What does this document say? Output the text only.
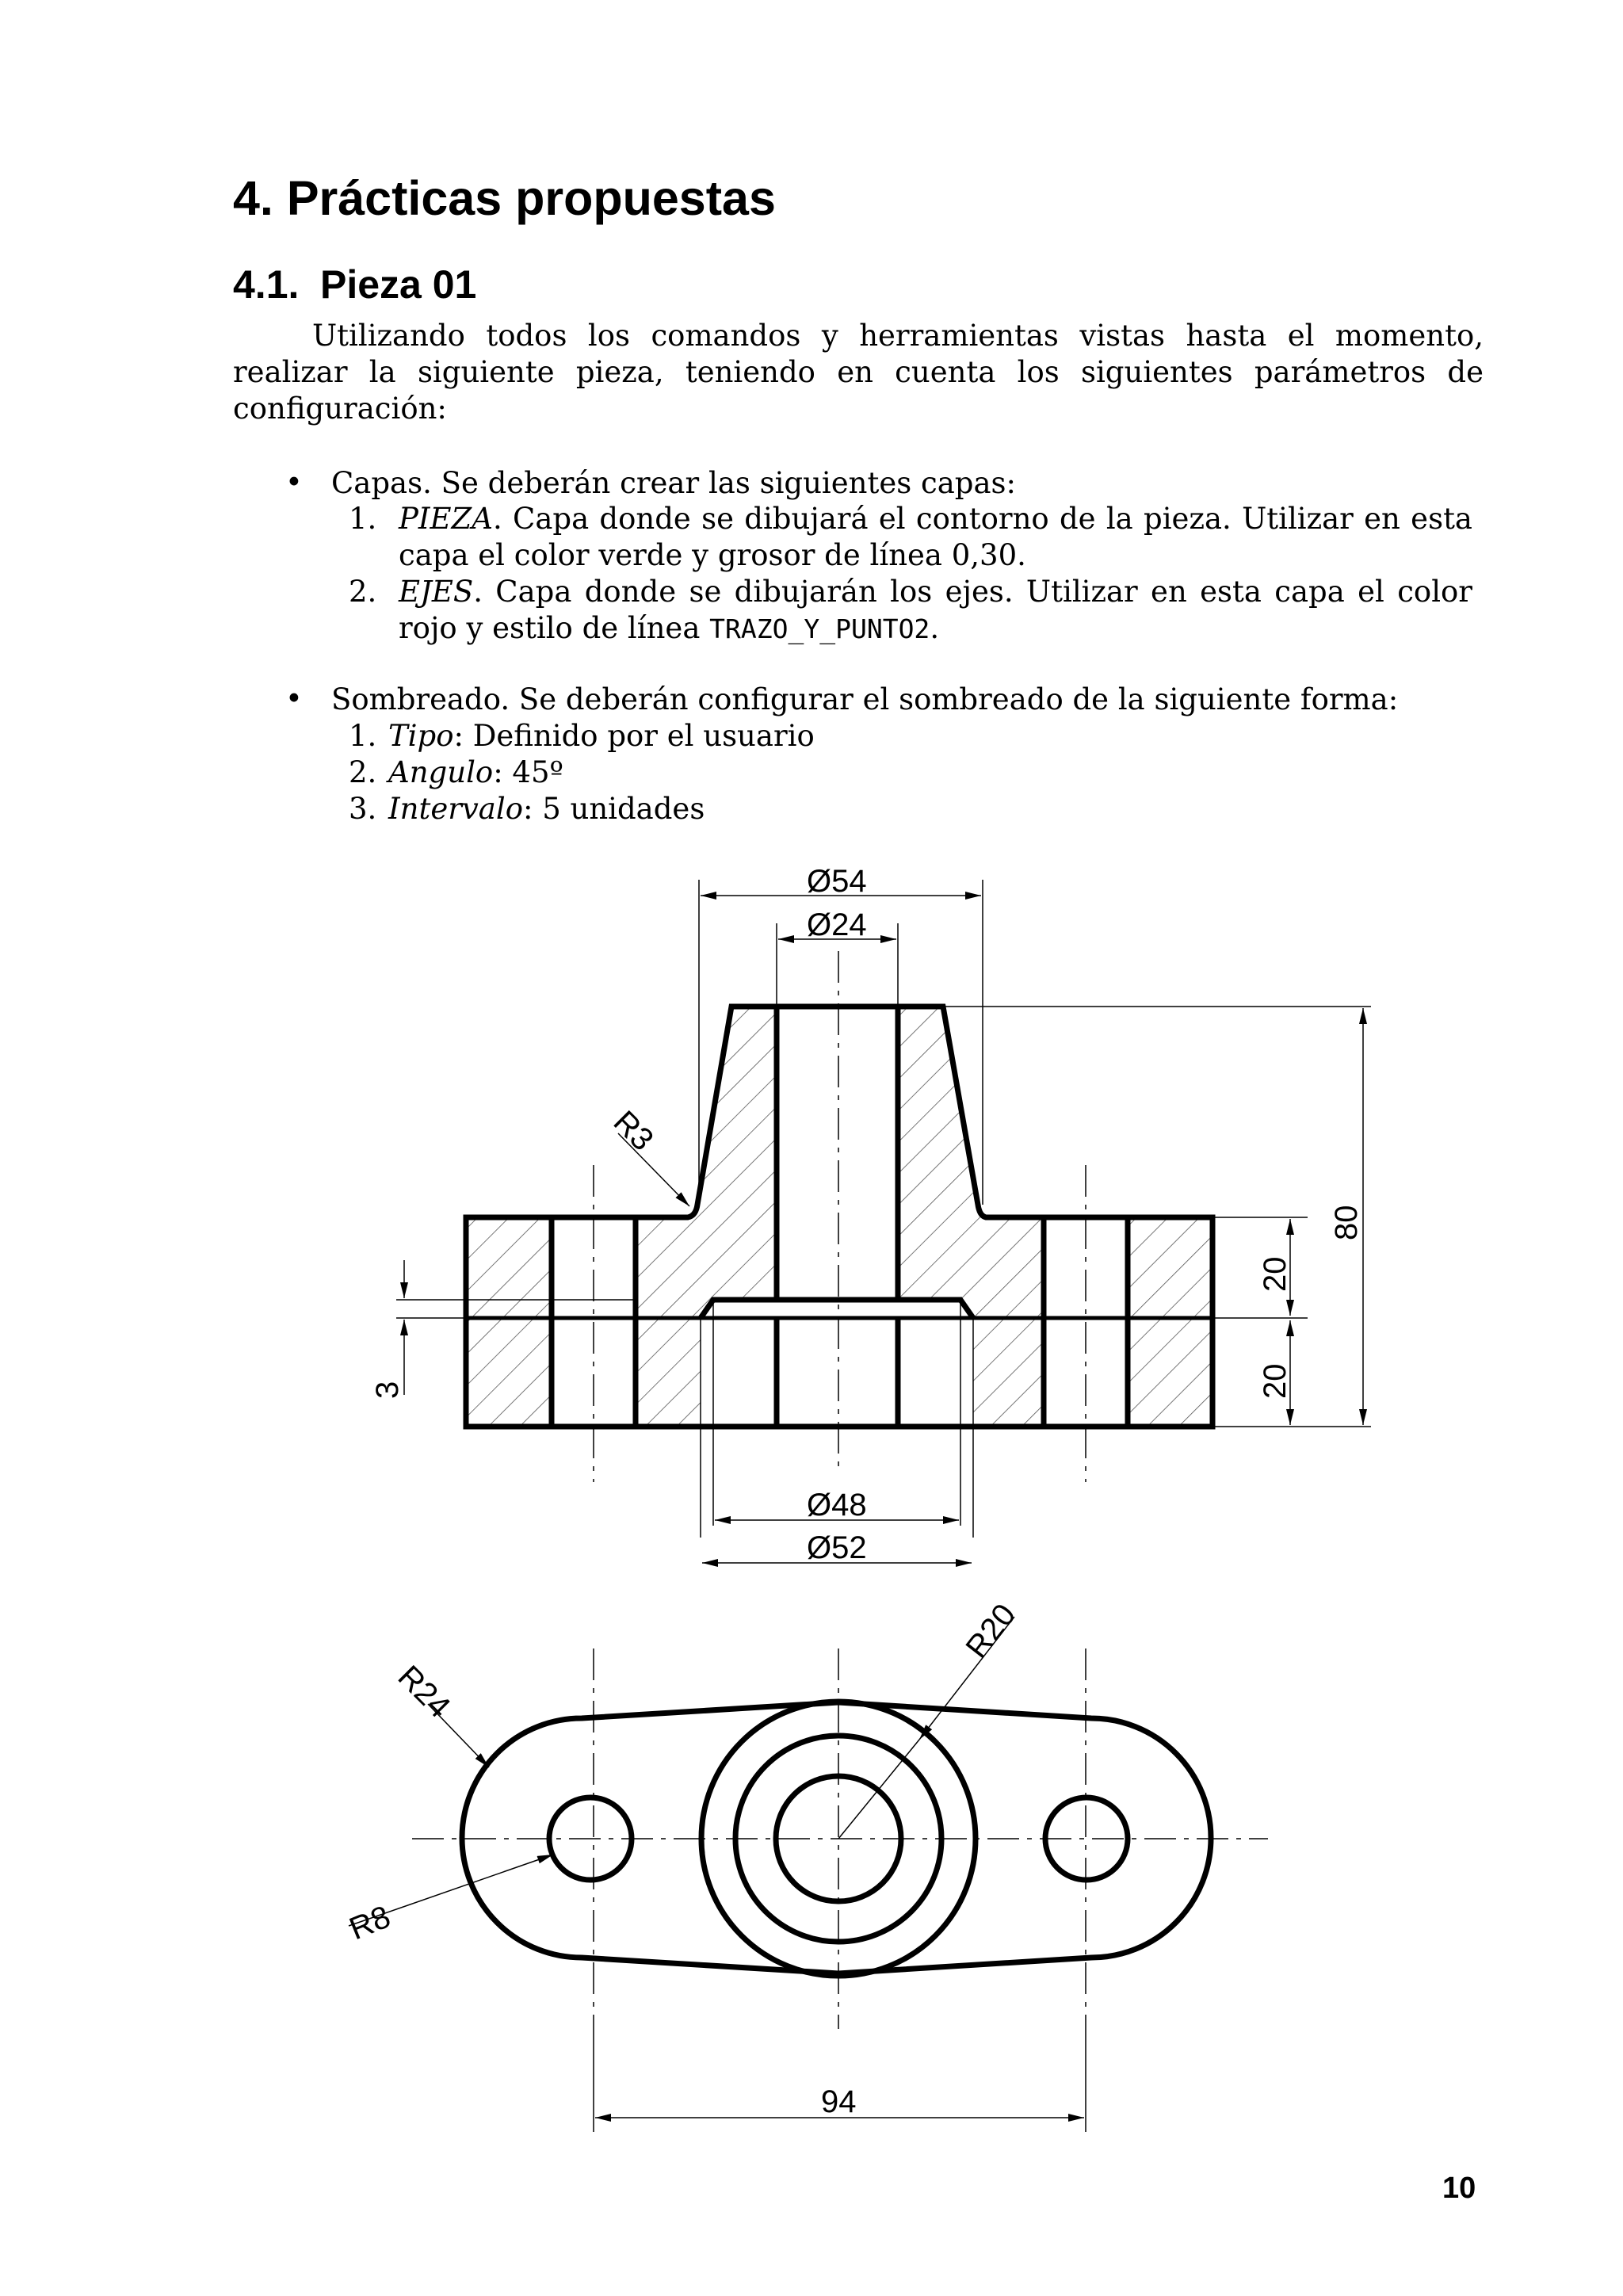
4. Prácticas propuestas
4.1. Pieza 01
Utilizando todos los comandos y herramientas vistas hasta el momento,
realizar la siguiente pieza, teniendo en cuenta los siguientes parámetros de
configuración:
• Capas. Se deberán crear las siguientes capas:
1. PIEZA. Capa donde se dibujará el contorno de la pieza. Utilizar en esta
capa el color verde y grosor de línea 0,30.
2. EJES. Capa donde se dibujarán los ejes. Utilizar en esta capa el color
rojo y estilo de línea TRAZO_Y_PUNTO2.
• Sombreado. Se deberán configurar el sombreado de la siguiente forma:
1. Tipo: Definido por el usuario
2. Angulo: 45º
3. Intervalo: 5 unidades
Ø54
Ø24
R3
80
20
20
3
Ø48
Ø52
R20
R24
R8
94
10
